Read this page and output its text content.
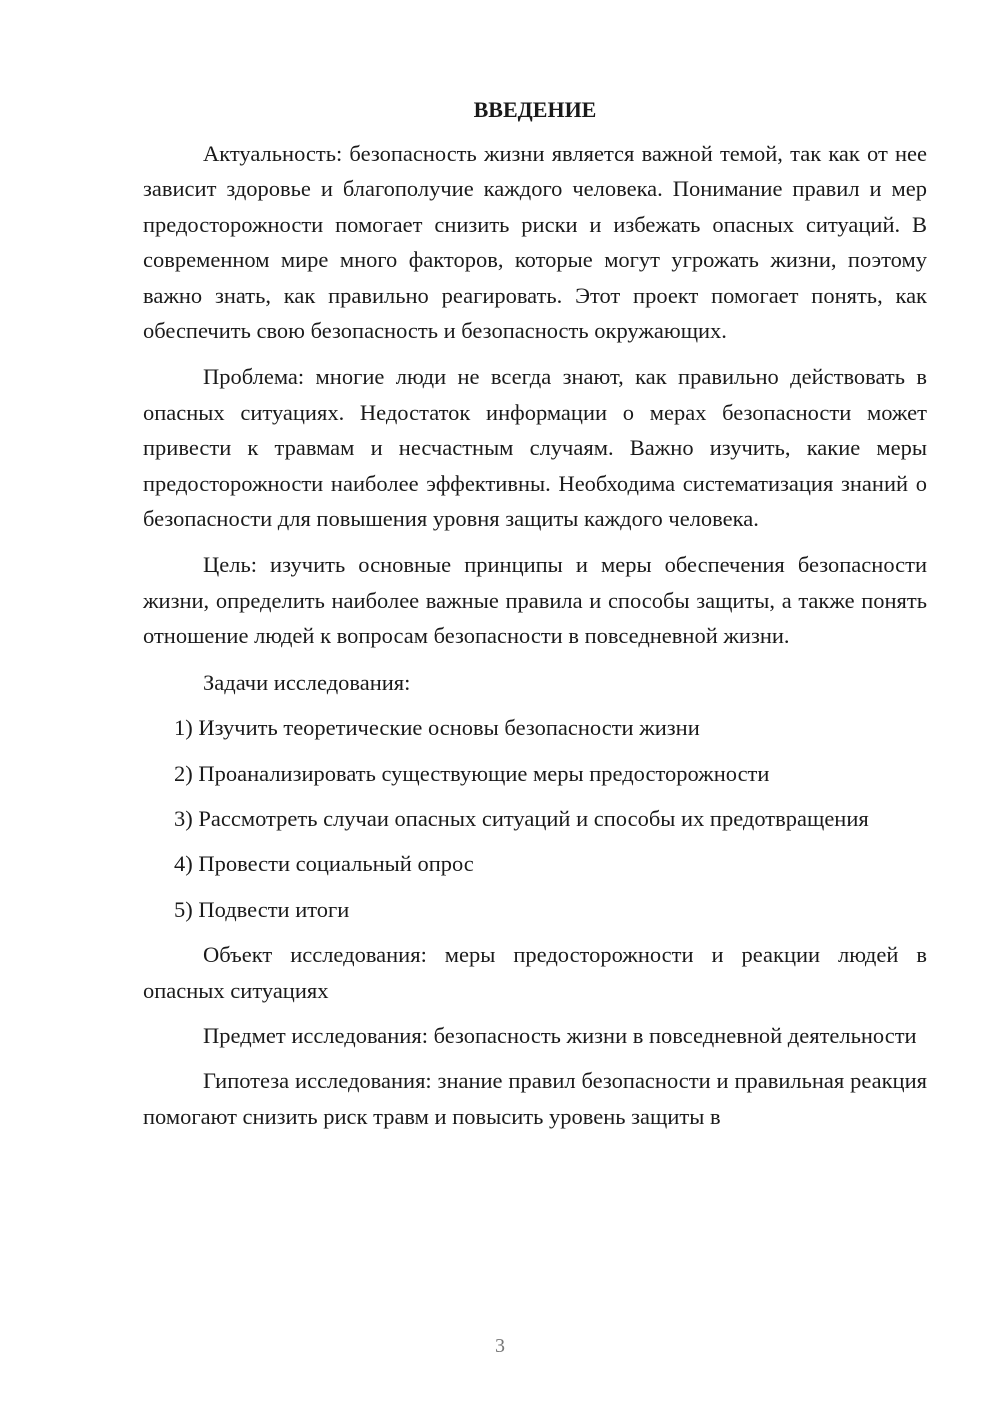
ВВЕДЕНИЕ

Актуальность: безопасность жизни является важной темой, так как от нее зависит здоровье и благополучие каждого человека. Понимание правил и мер предосторожности помогает снизить риски и избежать опасных ситуаций. В современном мире много факторов, которые могут угрожать жизни, поэтому важно знать, как правильно реагировать. Этот проект помогает понять, как обеспечить свою безопасность и безопасность окружающих.

Проблема: многие люди не всегда знают, как правильно действовать в опасных ситуациях. Недостаток информации о мерах безопасности может привести к травмам и несчастным случаям. Важно изучить, какие меры предосторожности наиболее эффективны. Необходима систематизация знаний о безопасности для повышения уровня защиты каждого человека.

Цель: изучить основные принципы и меры обеспечения безопасности жизни, определить наиболее важные правила и способы защиты, а также понять отношение людей к вопросам безопасности в повседневной жизни.

Задачи исследования:

1) Изучить теоретические основы безопасности жизни

2) Проанализировать существующие меры предосторожности

3) Рассмотреть случаи опасных ситуаций и способы их предотвращения

4) Провести социальный опрос

5) Подвести итоги

Объект исследования: меры предосторожности и реакции людей в опасных ситуациях

Предмет исследования: безопасность жизни в повседневной деятельности

Гипотеза исследования: знание правил безопасности и правильная реакция помогают снизить риск травм и повысить уровень защиты в

3
